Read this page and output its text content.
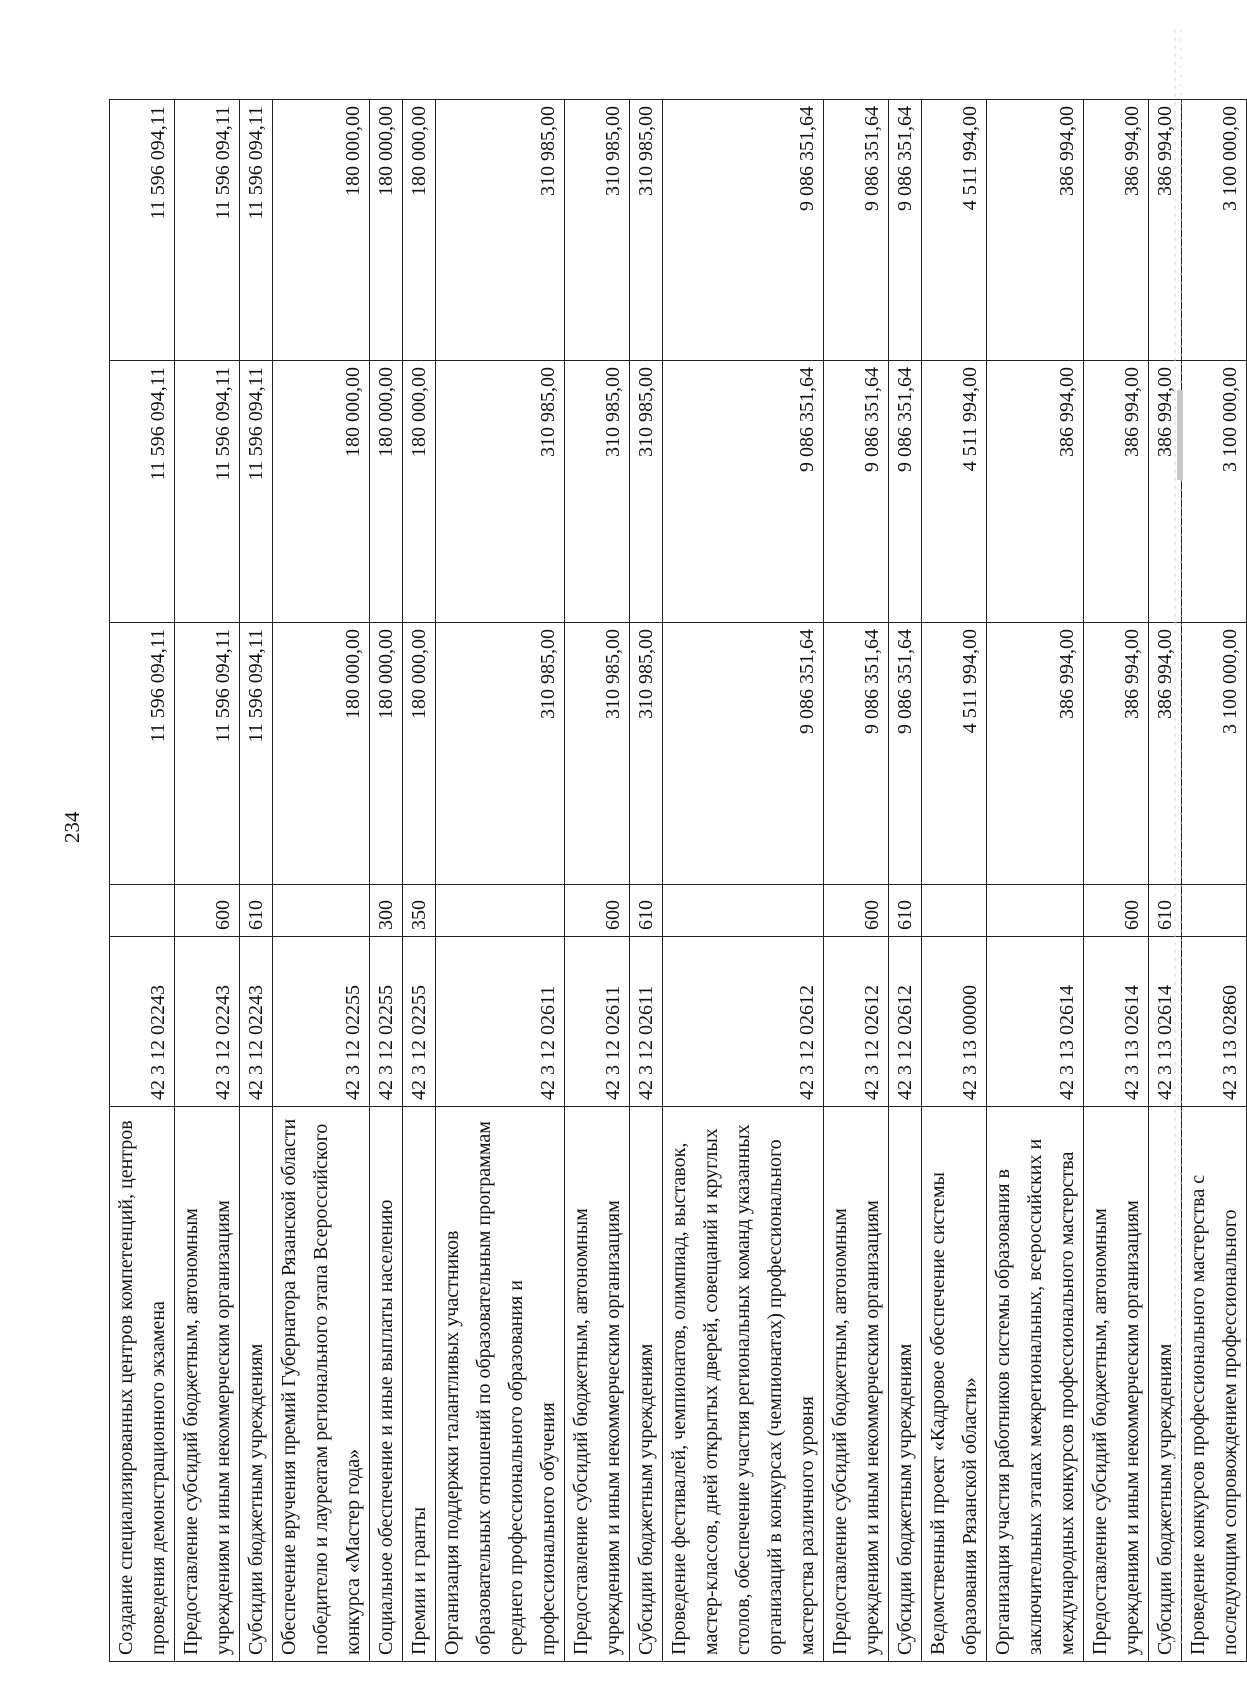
234
Создание специализированных центров компетенций, центров проведения демонстрационного экзамена	42 3 12 02243		11 596 094,11	11 596 094,11	11 596 094,11
Предоставление субсидий бюджетным, автономным учреждениям и иным некоммерческим организациям	42 3 12 02243	600	11 596 094,11	11 596 094,11	11 596 094,11
Субсидии бюджетным учреждениям	42 3 12 02243	610	11 596 094,11	11 596 094,11	11 596 094,11
Обеспечение вручения премий Губернатора Рязанской области победителю и лауреатам регионального этапа Всероссийского конкурса «Мастер года»	42 3 12 02255		180 000,00	180 000,00	180 000,00
Социальное обеспечение и иные выплаты населению	42 3 12 02255	300	180 000,00	180 000,00	180 000,00
Премии и гранты	42 3 12 02255	350	180 000,00	180 000,00	180 000,00
Организация поддержки талантливых участников образовательных отношений по образовательным программам среднего профессионального образования и профессионального обучения	42 3 12 02611		310 985,00	310 985,00	310 985,00
Предоставление субсидий бюджетным, автономным учреждениям и иным некоммерческим организациям	42 3 12 02611	600	310 985,00	310 985,00	310 985,00
Субсидии бюджетным учреждениям	42 3 12 02611	610	310 985,00	310 985,00	310 985,00
Проведение фестивалей, чемпионатов, олимпиад, выставок, мастер-классов, дней открытых дверей, совещаний и круглых столов, обеспечение участия региональных команд указанных организаций в конкурсах (чемпионатах) профессионального мастерства различного уровня	42 3 12 02612		9 086 351,64	9 086 351,64	9 086 351,64
Предоставление субсидий бюджетным, автономным учреждениям и иным некоммерческим организациям	42 3 12 02612	600	9 086 351,64	9 086 351,64	9 086 351,64
Субсидии бюджетным учреждениям	42 3 12 02612	610	9 086 351,64	9 086 351,64	9 086 351,64
Ведомственный проект «Кадровое обеспечение системы образования Рязанской области»	42 3 13 00000		4 511 994,00	4 511 994,00	4 511 994,00
Организация участия работников системы образования в заключительных этапах межрегиональных, всероссийских и международных конкурсов профессионального мастерства	42 3 13 02614		386 994,00	386 994,00	386 994,00
Предоставление субсидий бюджетным, автономным учреждениям и иным некоммерческим организациям	42 3 13 02614	600	386 994,00	386 994,00	386 994,00
Субсидии бюджетным учреждениям	42 3 13 02614	610	386 994,00	386 994,00	386 994,00
Проведение конкурсов профессионального мастерства с последующим сопровождением профессионального	42 3 13 02860		3 100 000,00	3 100 000,00	3 100 000,00
